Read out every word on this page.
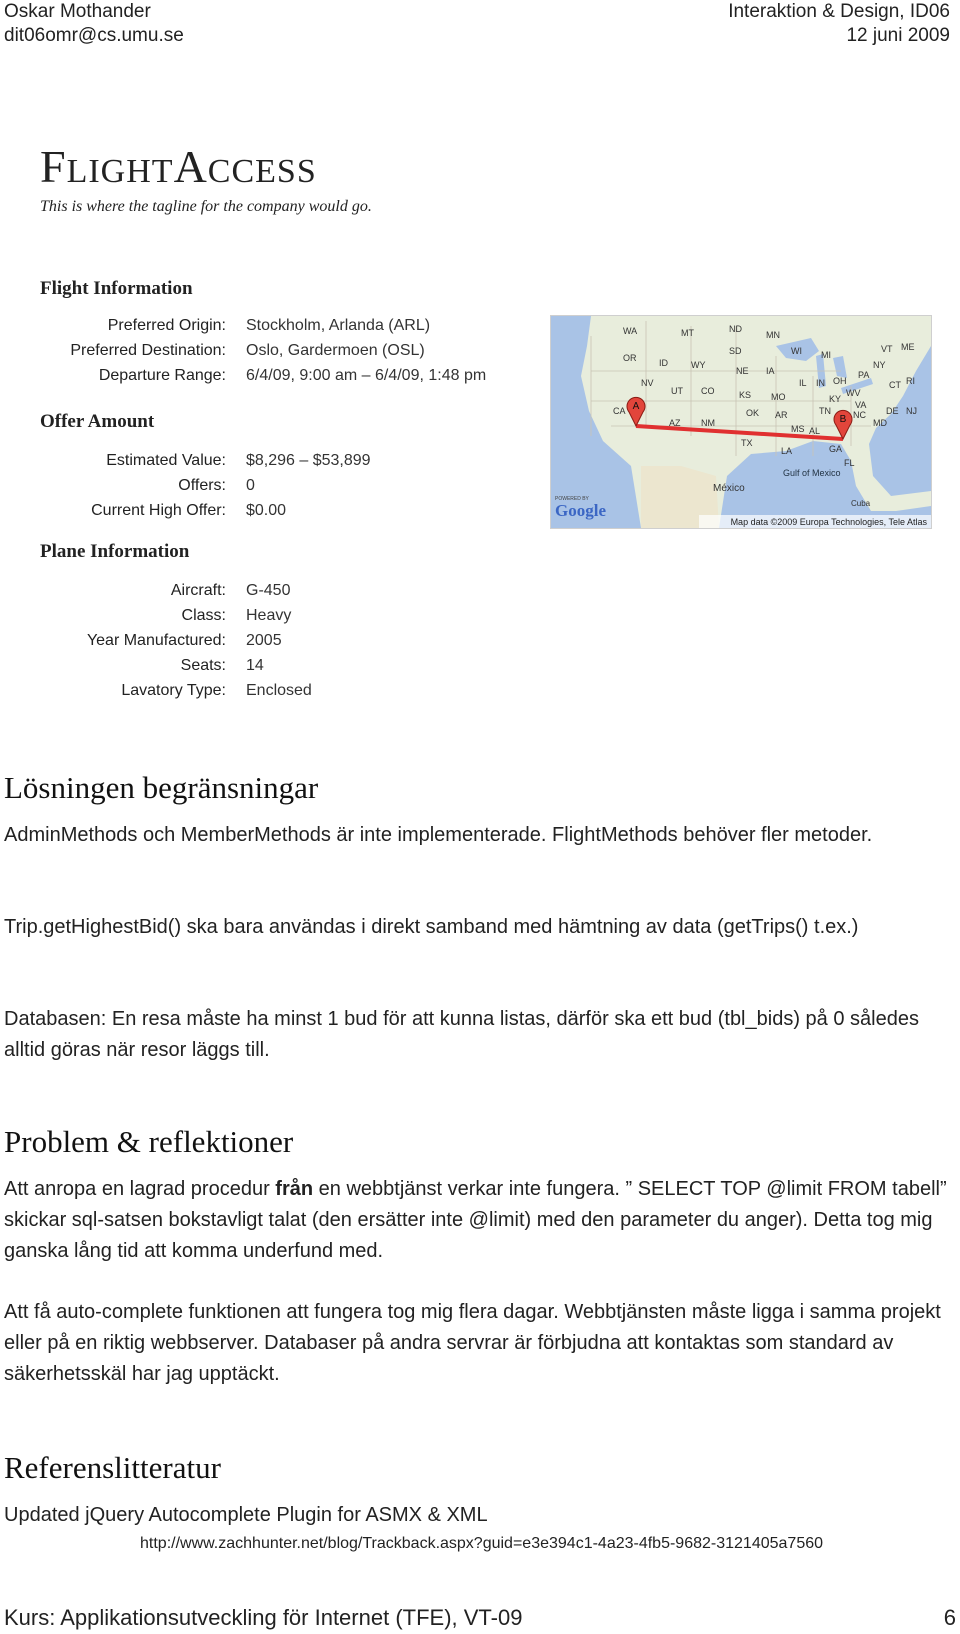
Oskar Mothander
dit06omr@cs.umu.se
Interaktion & Design, ID06
12 juni 2009
FLIGHTACCESS
This is where the tagline for the company would go.
Flight Information
Preferred Origin: Stockholm, Arlanda (ARL)
Preferred Destination: Oslo, Gardermoen (OSL)
Departure Range: 6/4/09, 9:00 am – 6/4/09, 1:48 pm
Offer Amount
Estimated Value: $8,296 – $53,899
Offers: 0
Current High Offer: $0.00
Plane Information
Aircraft: G-450
Class: Heavy
Year Manufactured: 2005
Seats: 14
Lavatory Type: Enclosed
WA	MT	ND
MN
OR	ID
SD	WI MI
VT ME
NY
NV
WY
NE IA
IL IN OH
PA
CT RI
UT CO	KS MO	KY
WV
NJ
CA
AZ NM
OK AR	TN
VA
DE
MD
MS AL
NC
TX
LA	GA
FL
México
Gulf of Mexico
Cuba
A
B
POWERED BY
Google
Map data ©2009 Europa Technologies, Tele Atlas
Lösningen begränsningar
AdminMethods och MemberMethods är inte implementerade. FlightMethods behöver fler metoder.
Trip.getHighestBid() ska bara användas i direkt samband med hämtning av data (getTrips() t.ex.)
Databasen: En resa måste ha minst 1 bud för att kunna listas, därför ska ett bud (tbl_bids) på 0 således alltid göras när resor läggs till.
Problem & reflektioner
Att anropa en lagrad procedur från en webbtjänst verkar inte fungera. ” SELECT TOP @limit FROM tabell” skickar sql-satsen bokstavligt talat (den ersätter inte @limit) med den parameter du anger). Detta tog mig ganska lång tid att komma underfund med.
Att få auto-complete funktionen att fungera tog mig flera dagar. Webbtjänsten måste ligga i samma projekt eller på en riktig webbserver. Databaser på andra servrar är förbjudna att kontaktas som standard av säkerhetsskäl har jag upptäckt.
Referenslitteratur
Updated jQuery Autocomplete Plugin for ASMX & XML
http://www.zachhunter.net/blog/Trackback.aspx?guid=e3e394c1-4a23-4fb5-9682-3121405a7560
Kurs: Applikationsutveckling för Internet (TFE), VT-09	6
